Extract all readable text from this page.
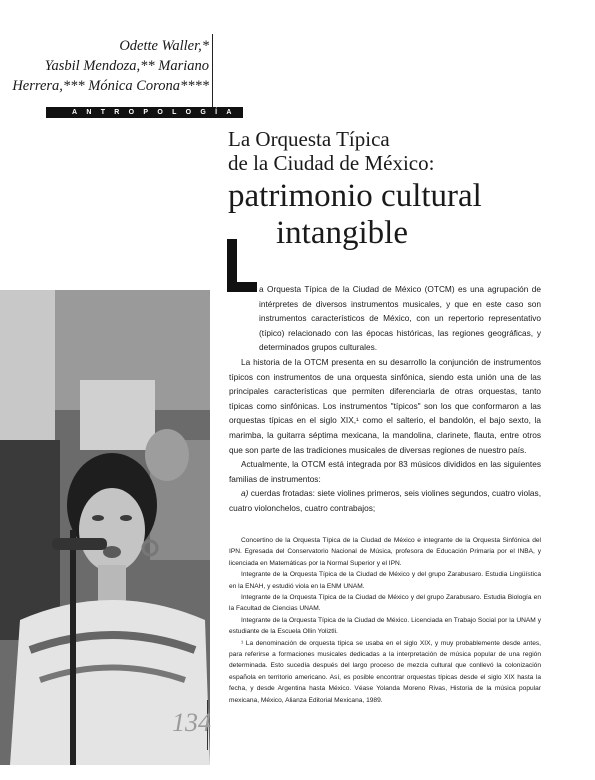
Odette Waller,*
Yasbil Mendoza,** Mariano
Herrera,*** Mónica Corona****
ANTROPOLOGÍA
La Orquesta Típica
de la Ciudad de México:
patrimonio cultural
intangible

a Orquesta Típica de la Ciudad de México (OTCM) es una agrupación de intérpretes de diversos instrumentos musicales, y que en este caso son instrumentos característicos de México, con un repertorio representativo (típico) relacionado con las épocas históricas, las regiones geográficas, y determinados grupos culturales.

La historia de la OTCM presenta en su desarrollo la conjunción de instrumentos típicos con instrumentos de una orquesta sinfónica, siendo esta unión una de las principales características que permiten diferenciarla de otras orquestas, tanto típicas como sinfónicas. Los instrumentos "típicos" son los que conformaron a las orquestas típicas en el siglo XIX,¹ como el salterio, el bandolón, el bajo sexto, la marimba, la guitarra séptima mexicana, la mandolina, clarinete, flauta, entre otros que son parte de las tradiciones musicales de diversas regiones de nuestro país.

Actualmente, la OTCM está integrada por 83 músicos divididos en las siguientes familias de instrumentos:

a) cuerdas frotadas: siete violines primeros, seis violines segundos, cuatro violas, cuatro violonchelos, cuatro contrabajos;

Concertino de la Orquesta Típica de la Ciudad de México e integrante de la Orquesta Sinfónica del IPN. Egresada del Conservatorio Nacional de Música, profesora de Educación Primaria por el INBA, y licenciada en Matemáticas por la Normal Superior y el IPN.

Integrante de la Orquesta Típica de la Ciudad de México y del grupo Zarabusaro. Estudia Lingüística en la ENAH, y estudió viola en la ENM UNAM.

Integrante de la Orquesta Típica de la Ciudad de México y del grupo Zarabusaro. Estudia Biología en la Facultad de Ciencias UNAM.

Integrante de la Orquesta Típica de la Ciudad de México. Licenciada en Trabajo Social por la UNAM y estudiante de la Escuela Ollin Yoliztli.

¹ La denominación de orquesta típica se usaba en el siglo XIX, y muy probablemente desde antes, para referirse a formaciones musicales dedicadas a la interpretación de música popular de una región determinada. Esto sucedía después del largo proceso de mezcla cultural que conllevó la colonización española en territorio americano. Así, es posible encontrar orquestas típicas desde el siglo XIX hasta la fecha, y desde Argentina hasta México. Véase Yolanda Moreno Rivas, Historia de la música popular mexicana, México, Alianza Editorial Mexicana, 1989.

134
